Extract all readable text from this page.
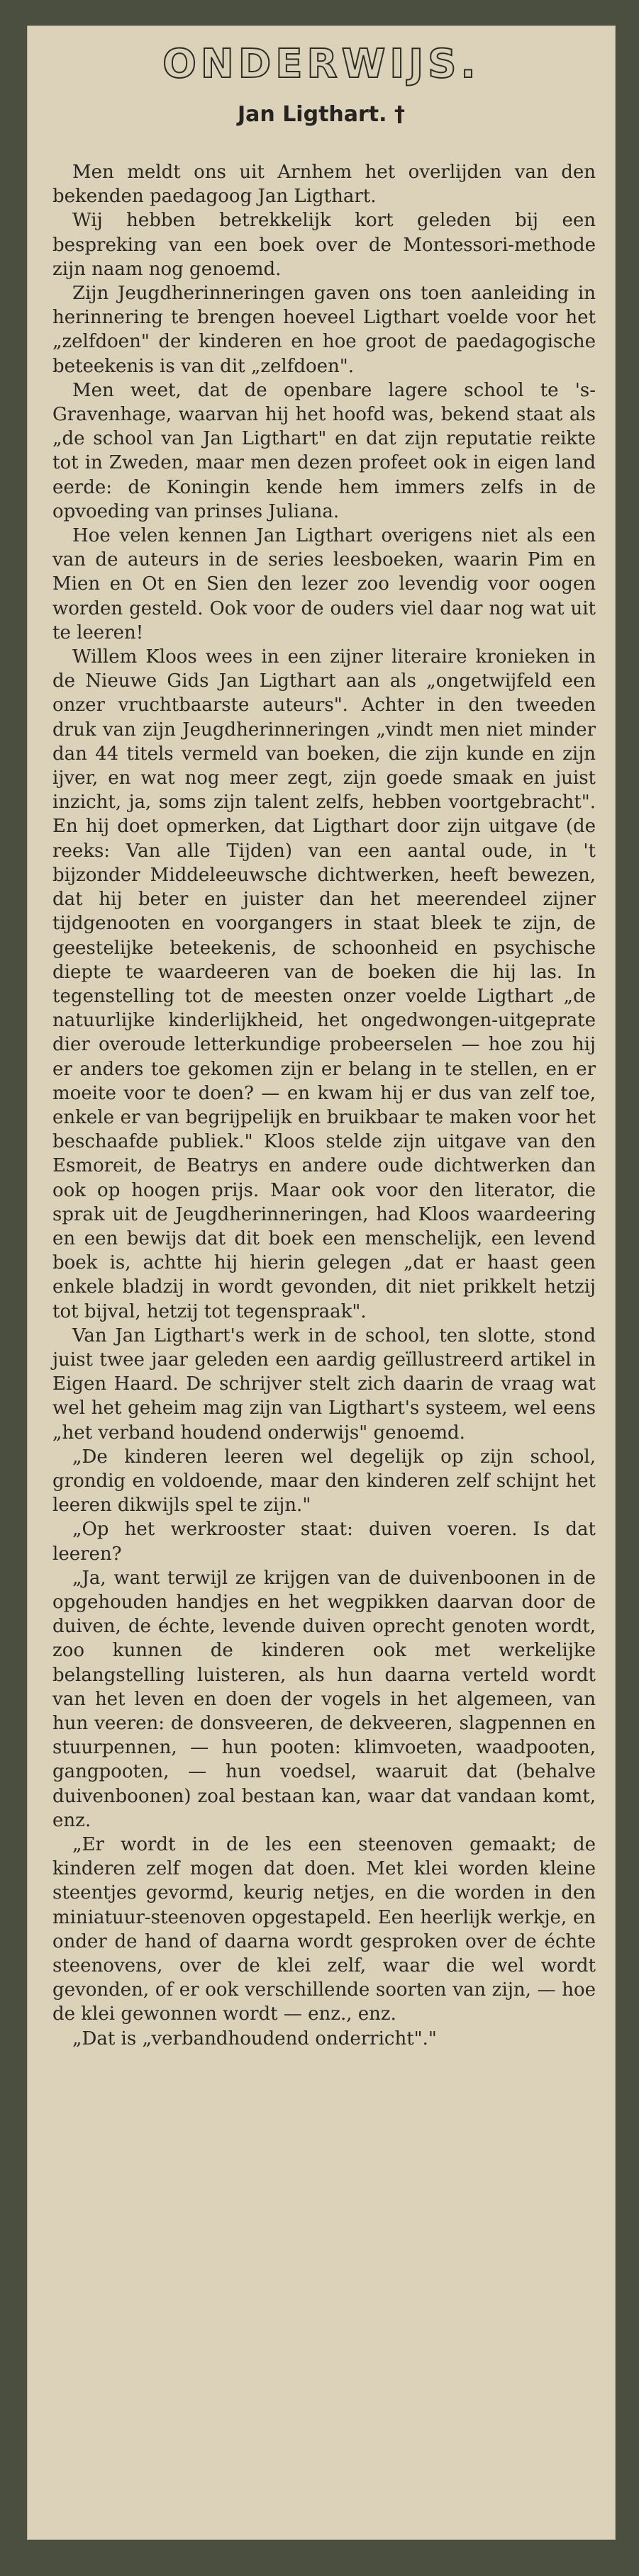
ONDERWIJS.
Jan Ligthart. †

Men meldt ons uit Arnhem het overlijden van den bekenden paedagoog Jan Ligthart.

Wij hebben betrekkelijk kort geleden bij een bespreking van een boek over de Montessori-methode zijn naam nog genoemd.

Zijn Jeugdherinneringen gaven ons toen aanleiding in herinnering te brengen hoeveel Ligthart voelde voor het „zelfdoen" der kinderen en hoe groot de paedagogische beteekenis is van dit „zelfdoen".

Men weet, dat de openbare lagere school te 's-Gravenhage, waarvan hij het hoofd was, bekend staat als „de school van Jan Ligthart" en dat zijn reputatie reikte tot in Zweden, maar men dezen profeet ook in eigen land eerde: de Koningin kende hem immers zelfs in de opvoeding van prinses Juliana.

Hoe velen kennen Jan Ligthart overigens niet als een van de auteurs in de series leesboeken, waarin Pim en Mien en Ot en Sien den lezer zoo levendig voor oogen worden gesteld. Ook voor de ouders viel daar nog wat uit te leeren!

Willem Kloos wees in een zijner literaire kronieken in de Nieuwe Gids Jan Ligthart aan als „ongetwijfeld een onzer vruchtbaarste auteurs". Achter in den tweeden druk van zijn Jeugdherinneringen „vindt men niet minder dan 44 titels vermeld van boeken, die zijn kunde en zijn ijver, en wat nog meer zegt, zijn goede smaak en juist inzicht, ja, soms zijn talent zelfs, hebben voortgebracht". En hij doet opmerken, dat Ligthart door zijn uitgave (de reeks: Van alle Tijden) van een aantal oude, in 't bijzonder Middeleeuwsche dichtwerken, heeft bewezen, dat hij beter en juister dan het meerendeel zijner tijdgenooten en voorgangers in staat bleek te zijn, de geestelijke beteekenis, de schoonheid en psychische diepte te waardeeren van de boeken die hij las. In tegenstelling tot de meesten onzer voelde Ligthart „de natuurlijke kinderlijkheid, het ongedwongen-uitgeprate dier overoude letterkundige probeerselen — hoe zou hij er anders toe gekomen zijn er belang in te stellen, en er moeite voor te doen? — en kwam hij er dus van zelf toe, enkele er van begrijpelijk en bruikbaar te maken voor het beschaafde publiek." Kloos stelde zijn uitgave van den Esmoreit, de Beatrys en andere oude dichtwerken dan ook op hoogen prijs. Maar ook voor den literator, die sprak uit de Jeugdherinneringen, had Kloos waardeering en een bewijs dat dit boek een menschelijk, een levend boek is, achtte hij hierin gelegen „dat er haast geen enkele bladzij in wordt gevonden, dit niet prikkelt hetzij tot bijval, hetzij tot tegenspraak".

Van Jan Ligthart's werk in de school, ten slotte, stond juist twee jaar geleden een aardig geïllustreerd artikel in Eigen Haard. De schrijver stelt zich daarin de vraag wat wel het geheim mag zijn van Ligthart's systeem, wel eens „het verband houdend onderwijs" genoemd.

„De kinderen leeren wel degelijk op zijn school, grondig en voldoende, maar den kinderen zelf schijnt het leeren dikwijls spel te zijn."

„Op het werkrooster staat: duiven voeren. Is dat leeren?

„Ja, want terwijl ze krijgen van de duivenboonen in de opgehouden handjes en het wegpikken daarvan door de duiven, de échte, levende duiven oprecht genoten wordt, zoo kunnen de kinderen ook met werkelijke belangstelling luisteren, als hun daarna verteld wordt van het leven en doen der vogels in het algemeen, van hun veeren: de donsveeren, de dekveeren, slagpennen en stuurpennen, — hun pooten: klimvoeten, waadpooten, gangpooten, — hun voedsel, waaruit dat (behalve duivenboonen) zoal bestaan kan, waar dat vandaan komt, enz.

„Er wordt in de les een steenoven gemaakt; de kinderen zelf mogen dat doen. Met klei worden kleine steentjes gevormd, keurig netjes, en die worden in den miniatuur-steenoven opgestapeld. Een heerlijk werkje, en onder de hand of daarna wordt gesproken over de échte steenovens, over de klei zelf, waar die wel wordt gevonden, of er ook verschillende soorten van zijn, — hoe de klei gewonnen wordt — enz., enz.

„Dat is „verbandhoudend onderricht"."
